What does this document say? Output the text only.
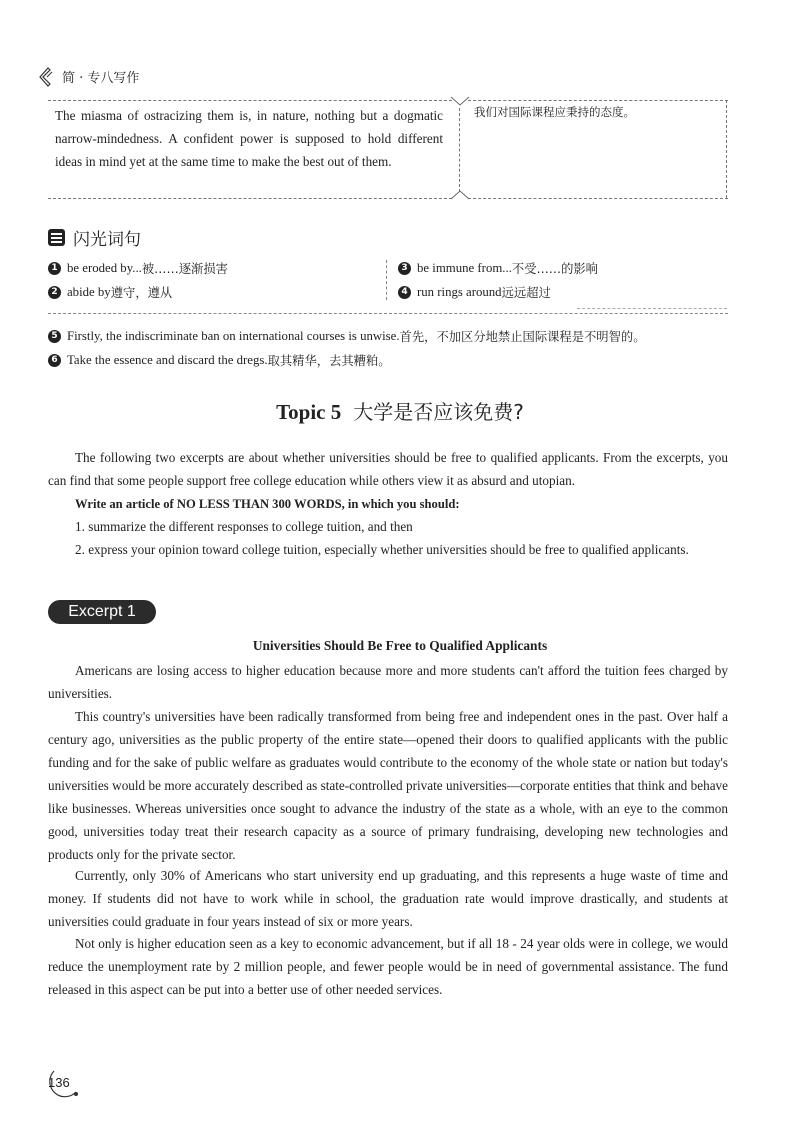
简 · 专八写作
The miasma of ostracizing them is, in nature, nothing but a dogmatic narrow-mindedness. A confident power is supposed to hold different ideas in mind yet at the same time to make the best out of them.
我们对国际课程应秉持的态度。
闪光词句
1 be eroded by... 被……逐渐损害
2 abide by 遵守，遵从
3 be immune from... 不受……的影响
4 run rings around 远远超过
5 Firstly, the indiscriminate ban on international courses is unwise. 首先，不加区分地禁止国际课程是不明智的。
6 Take the essence and discard the dregs. 取其精华，去其糟粕。
Topic 5 大学是否应该免费?
The following two excerpts are about whether universities should be free to qualified applicants. From the excerpts, you can find that some people support free college education while others view it as absurd and utopian.
Write an article of NO LESS THAN 300 WORDS, in which you should:
1. summarize the different responses to college tuition, and then
2. express your opinion toward college tuition, especially whether universities should be free to qualified applicants.
Excerpt 1
Universities Should Be Free to Qualified Applicants
Americans are losing access to higher education because more and more students can't afford the tuition fees charged by universities.
This country's universities have been radically transformed from being free and independent ones in the past. Over half a century ago, universities as the public property of the entire state—opened their doors to qualified applicants with the public funding and for the sake of public welfare as graduates would contribute to the economy of the whole state or nation but today's universities would be more accurately described as state-controlled private universities—corporate entities that think and behave like businesses. Whereas universities once sought to advance the industry of the state as a whole, with an eye to the common good, universities today treat their research capacity as a source of primary fundraising, developing new technologies and products only for the private sector.
Currently, only 30% of Americans who start university end up graduating, and this represents a huge waste of time and money. If students did not have to work while in school, the graduation rate would improve drastically, and students at universities could graduate in four years instead of six or more years.
Not only is higher education seen as a key to economic advancement, but if all 18 - 24 year olds were in college, we would reduce the unemployment rate by 2 million people, and fewer people would be in need of governmental assistance. The fund released in this aspect can be put into a better use of other needed services.
136
